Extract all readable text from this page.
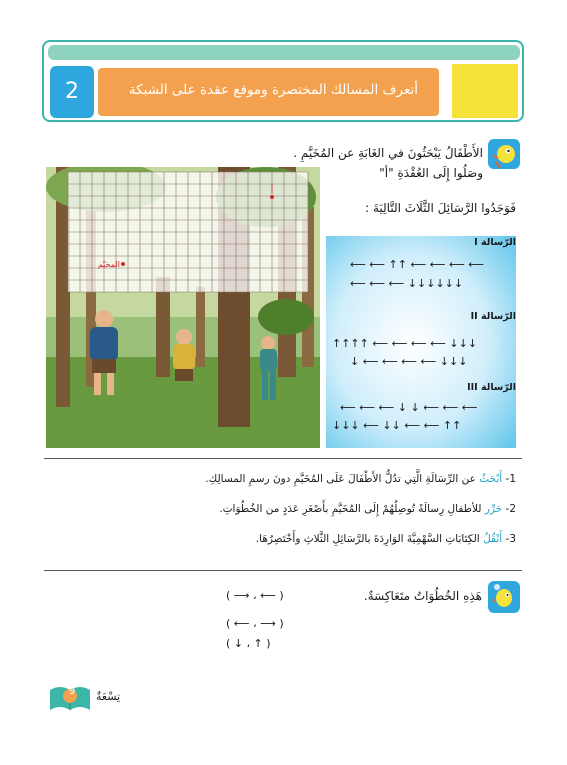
أتعرف المسالك المختصرة وموقع عقدة على الشبكة
2
الأَطْفَالُ يَبْحَثُونَ في الغَابَةِ عن المُخَيَّمِ .
وصَلُوا إِلَى العُقْدَةِ "أ"
فَوَجَدُوا الرَّسَائِلَ الثَّلَاثَ التَّالِيَةَ :
أ
المخيّم
الرّسالة I
الرّسالة II
الرّسالة III
⟵ ⟵ ↑↑ ⟵ ⟵ ⟵ ⟵
⟵ ⟵ ⟵ ↓↓↓↓↓↓
↑↑↑↑ ⟵ ⟵ ⟵ ⟵ ↓↓↓
↓ ⟵ ⟵ ⟵ ⟵ ↓↓↓
⟵ ⟵ ⟵ ↓ ↓ ⟵ ⟵ ⟵
↓↓↓ ⟵ ↓↓ ⟵ ⟵ ↑↑
1- أَبْحَثُ عن الرِّسَالَةِ الَّتِي تدُلُّ الأَطْفَالَ عَلَى المُخَيَّمِ دونَ رسمِ المسالِكِ.
2- حَرِّر للأطفالِ رِسالَةً تُوصِلُهُمْ إِلَى المُخَيَّمِ بأَصْغَرِ عَدَدٍ من الخُطُوَاتِ.
3- أَنْقُلُ الكِتَابَاتِ السَّهْمِيَّةَ الوَارِدَةَ بالرَّسَائِلِ الثَّلاثِ وأَخْتَصِرُهَا.
هَذِهِ الخُطُوَاتُ متَعَاكِسَةٌ.
( ⟶ ، ⟵ )
( ⟵ ، ⟶ )
( ↓ ، ↑ )
9	تِسْعَةٌ
